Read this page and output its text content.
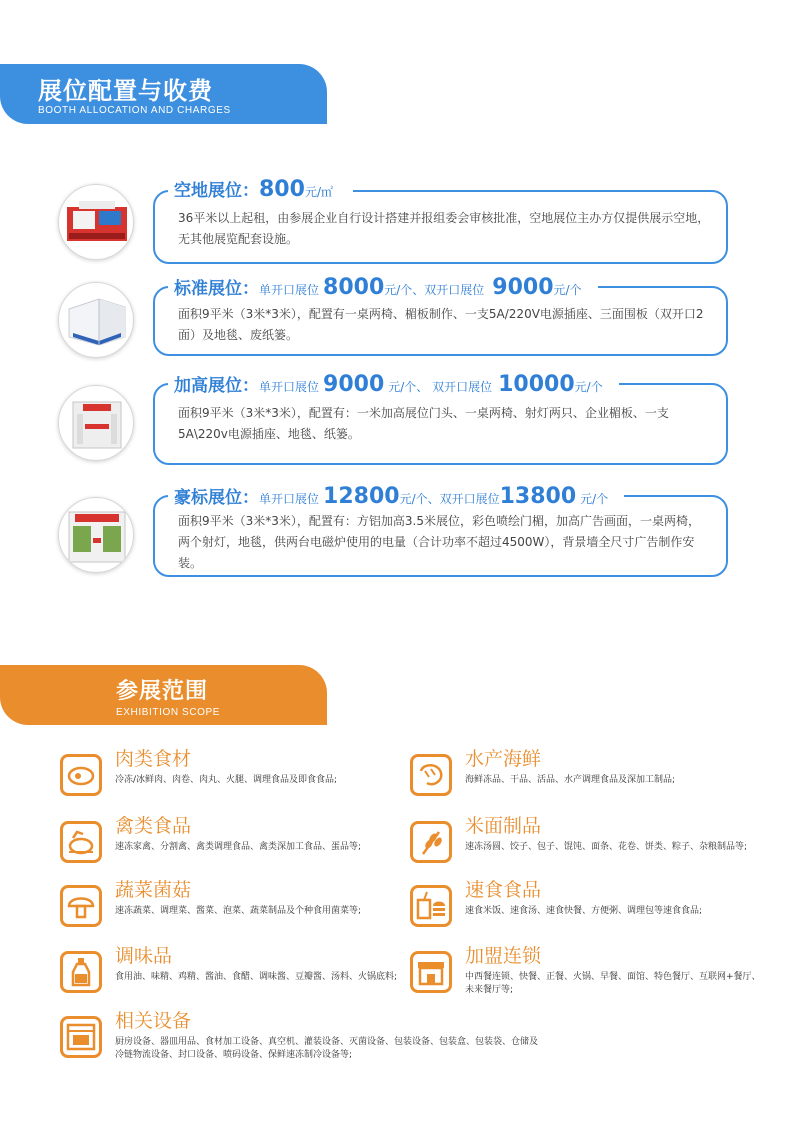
展位配置与收费
BOOTH ALLOCATION AND CHARGES
空地展位： 800 元/㎡
36平米以上起租，由参展企业自行设计搭建并报组委会审核批准，空地展位主办方仅提供展示空地，无其他展览配套设施。
标准展位： 单开口展位 8000 元/个、双开口展位 9000 元/个
面积9平米（3米*3米），配置有一桌两椅、楣板制作、一支5A/220V电源插座、三面围板（双开口2面）及地毯、废纸篓。
加高展位： 单开口展位 9000 元/个、 双开口展位 10000 元/个
面积9平米（3米*3米），配置有：一米加高展位门头、一桌两椅、射灯两只、企业楣板、一支5A\220v电源插座、地毯、纸篓。
豪标展位： 单开口展位 12800 元/个、双开口展位 13800 元/个
面积9平米（3米*3米），配置有：方铝加高3.5米展位，彩色喷绘门楣，加高广告画面，一桌两椅，两个射灯，地毯，供两台电磁炉使用的电量（合计功率不超过4500W），背景墙全尺寸广告制作安装。
参展范围
EXHIBITION SCOPE
肉类食材
冷冻/冰鲜肉、肉卷、肉丸、火腿、调理食品及即食食品;
水产海鲜
海鲜冻品、干品、活品、水产调理食品及深加工制品;
禽类食品
速冻家禽、分割禽、禽类调理食品、禽类深加工食品、蛋品等;
米面制品
速冻汤圆、饺子、包子、馄饨、面条、花卷、饼类、粽子、杂粮制品等;
蔬菜菌菇
速冻蔬菜、调理菜、酱菜、泡菜、蔬菜制品及个种食用菌菜等;
速食食品
速食米饭、速食汤、速食快餐、方便粥、调理包等速食食品;
调味品
食用油、味精、鸡精、酱油、食醋、调味酱、豆瓣酱、汤料、火锅底料;
加盟连锁
中西餐连锁、快餐、正餐、火锅、早餐、面馆、特色餐厅、互联网+餐厅、未来餐厅等;
相关设备
厨房设备、器皿用品、食材加工设备、真空机、灌装设备、灭菌设备、包装设备、包装盒、包装袋、仓储及冷链物流设备、封口设备、喷码设备、保鲜速冻制冷设备等;
